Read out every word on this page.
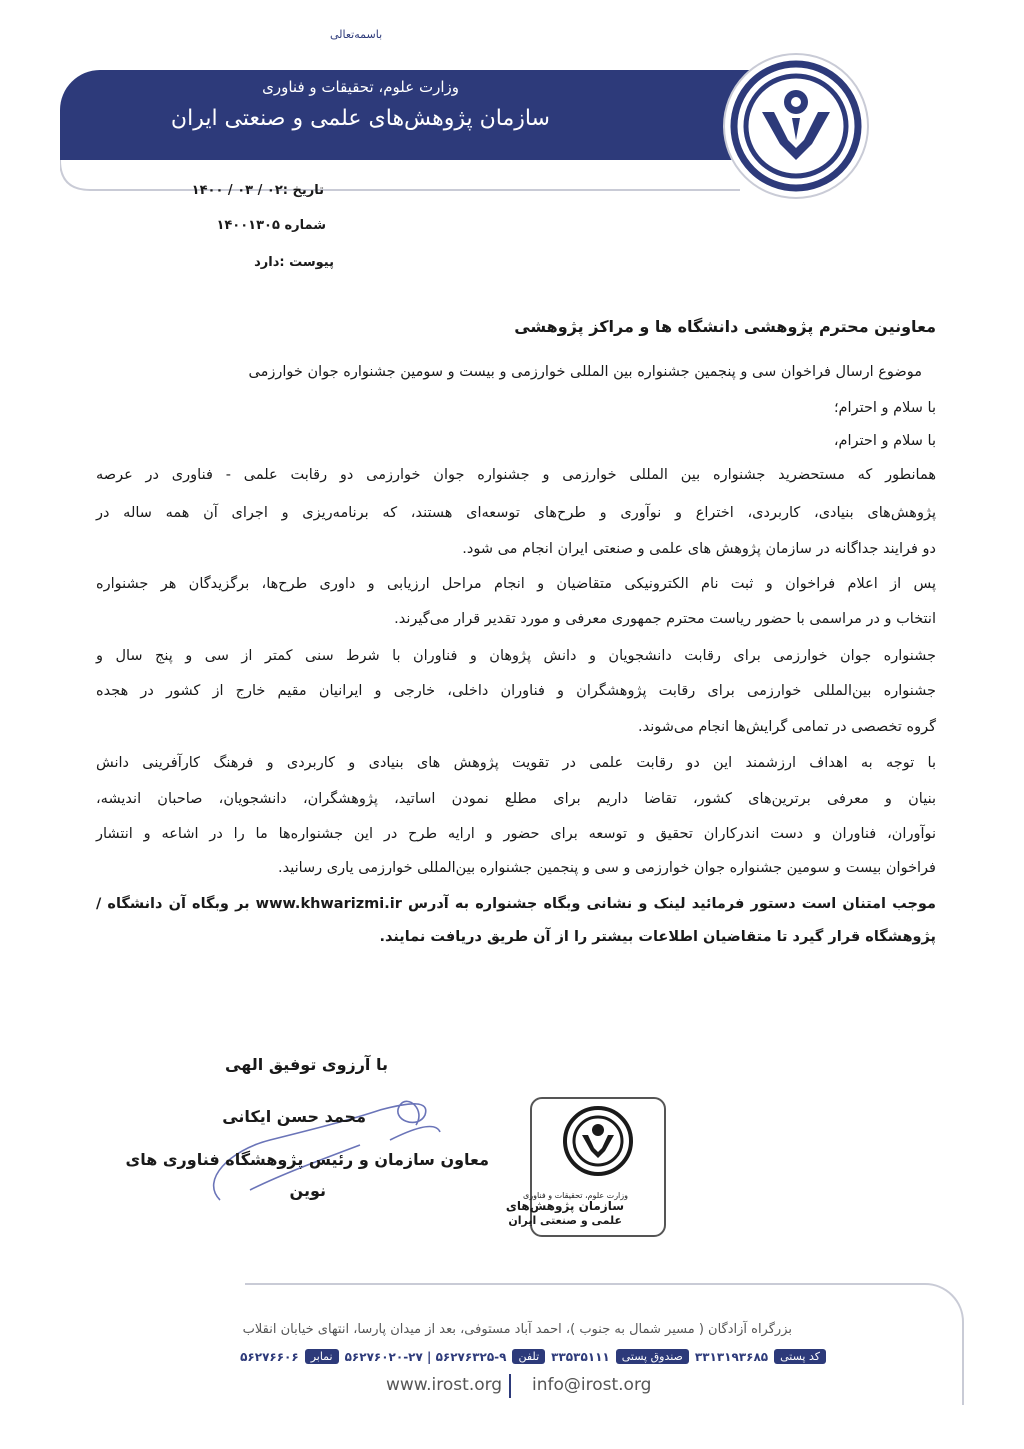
باسمه‌تعالی
وزارت علوم، تحقیقات و فناوری
سازمان پژوهش‌های علمی و صنعتی ایران
تاریخ :۰۲ / ۰۳ / ۱۴۰۰
شماره ۱۴۰۰۱۳۰۵
پیوست :دارد
معاونین محترم پژوهشی دانشگاه ها و مراکز پژوهشی
موضوع ارسال فراخوان سی و پنجمین جشنواره بین المللی خوارزمی و بیست و سومین جشنواره جوان خوارزمی
با سلام و احترام؛
با سلام و احترام،
همانطور که مستحضرید جشنواره بین المللی خوارزمی و جشنواره جوان خوارزمی دو رقابت علمی - فناوری در عرصه
پژوهش‌های بنیادی، کاربردی، اختراع و نوآوری و طرح‌های توسعه‌ای هستند، که برنامه‌ریزی و اجرای آن همه ساله در
دو فرایند جداگانه در سازمان پژوهش های علمی و صنعتی ایران انجام می شود.
پس از اعلام فراخوان و ثبت نام الکترونیکی متقاضیان و انجام مراحل ارزیابی و داوری طرح‌ها، برگزیدگان هر جشنواره
انتخاب و در مراسمی با حضور ریاست محترم جمهوری معرفی و مورد تقدیر قرار می‌گیرند.
جشنواره جوان خوارزمی برای رقابت دانشجویان و دانش پژوهان و فناوران با شرط سنی کمتر از سی و پنج سال و
جشنواره بین‌المللی خوارزمی برای رقابت پژوهشگران و فناوران داخلی، خارجی و ایرانیان مقیم خارج از کشور در هجده
گروه تخصصی در تمامی گرایش‌ها انجام می‌شوند.
با توجه به اهداف ارزشمند این دو رقابت علمی در تقویت پژوهش های بنیادی و کاربردی و فرهنگ کارآفرینی دانش
بنیان و معرفی برترین‌های کشور، تقاضا داریم برای مطلع نمودن اساتید، پژوهشگران، دانشجویان، صاحبان اندیشه،
نوآوران، فناوران و دست اندرکاران تحقیق و توسعه برای حضور و ارایه طرح در این جشنواره‌ها ما را در اشاعه و انتشار
فراخوان بیست و سومین جشنواره جوان خوارزمی و سی و پنجمین جشنواره بین‌المللی خوارزمی یاری رسانید.
موجب امتنان است دستور فرمائید لینک و نشانی وبگاه جشنواره به آدرس www.khwarizmi.ir بر وبگاه آن دانشگاه /
پژوهشگاه قرار گیرد تا متقاضیان اطلاعات بیشتر را از آن طریق دریافت نمایند.
با آرزوی توفیق الهی
محمد حسن ایکانی
معاون سازمان و رئیس پژوهشگاه فناوری های
نوین	وزارت علوم، تحقیقات و فناوری
سازمان پژوهش‌های
علمی و صنعتی ایران
بزرگراه آزادگان ( مسیر شمال به جنوب )، احمد آباد مستوفی، بعد از میدان پارسا، انتهای خیابان انقلاب
کد پستی
۳۳۱۳۱۹۳۶۸۵
صندوق پستی
۳۳۵۳۵۱۱۱
تلفن
۵۶۲۷۶۳۲۵-۹ | ۵۶۲۷۶۰۲۰-۲۷
نمابر
۵۶۲۷۶۶۰۶
www.irost.org info@irost.org
